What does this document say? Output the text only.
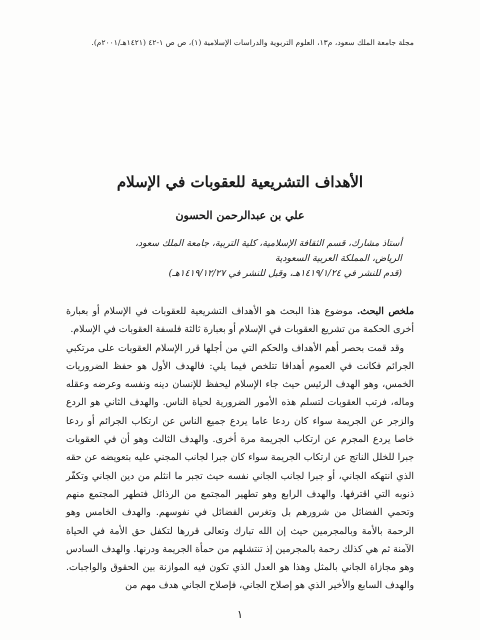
مجلة جامعة الملك سعود، م١٣، العلوم التربوية والدراسات الإسلامية (١)، ص ص ١-٤٢ (١٤٢١هـ/٢٠٠١م).
الأهداف التشريعية للعقوبات في الإسلام
علي بن عبدالرحمن الحسون
أستاذ مشارك، قسم الثقافة الإسلامية، كلية التربية، جامعة الملك سعود،
الرياض، المملكة العربية السعودية
(قدم للنشر في ١٤١٩/١/٢٤هـ، وقبل للنشر في ١٤١٩/١٢/٢٧هـ)

ملخص البحث. موضوع هذا البحث هو الأهداف التشريعية للعقوبات في الإسلام أو بعبارة أخرى الحكمة من تشريع العقوبات في الإسلام أو بعبارة ثالثة فلسفة العقوبات في الإسلام.

وقد قمت بحصر أهم الأهداف والحكم التي من أجلها قرر الإسلام العقوبات على مرتكبي الجرائم فكانت في العموم أهدافا تتلخص فيما يلي: فالهدف الأول هو حفظ الضروريات الخمس، وهو الهدف الرئيس حيث جاء الإسلام ليحفظ للإنسان دينه ونفسه وعرضه وعقله وماله، فرتب العقوبات لتسلم هذه الأمور الضرورية لحياة الناس. والهدف الثاني هو الردع والزجر عن الجريمة سواء كان ردعا عاما يردع جميع الناس عن ارتكاب الجرائم أو ردعا خاصا يردع المجرم عن ارتكاب الجريمة مرة أخرى. والهدف الثالث وهو أن في العقوبات جبرا للخلل الناتج عن ارتكاب الجريمة سواء كان جبرا لجانب المجني عليه بتعويضه عن حقه الذي انتهكه الجاني، أو جبرا لجانب الجاني نفسه حيث تجبر ما انثلم من دين الجاني وتكفّر ذنوبه التي اقترفها. والهدف الرابع وهو تطهير المجتمع من الرذائل فتطهر المجتمع منهم وتحمي الفضائل من شرورهم بل وتغرس الفضائل في نفوسهم. والهدف الخامس وهو الرحمة بالأمة وبالمجرمين حيث إن الله تبارك وتعالى قررها لتكفل حق الأمة في الحياة الآمنة ثم هي كذلك رحمة بالمجرمين إذ تنتشلهم من حمأة الجريمة ودرنها. والهدف السادس وهو مجازاة الجاني بالمثل وهذا هو العدل الذي تكون فيه الموازنة بين الحقوق والواجبات. والهدف السابع والأخير الذي هو إصلاح الجاني، فإصلاح الجاني هدف مهم من

١
